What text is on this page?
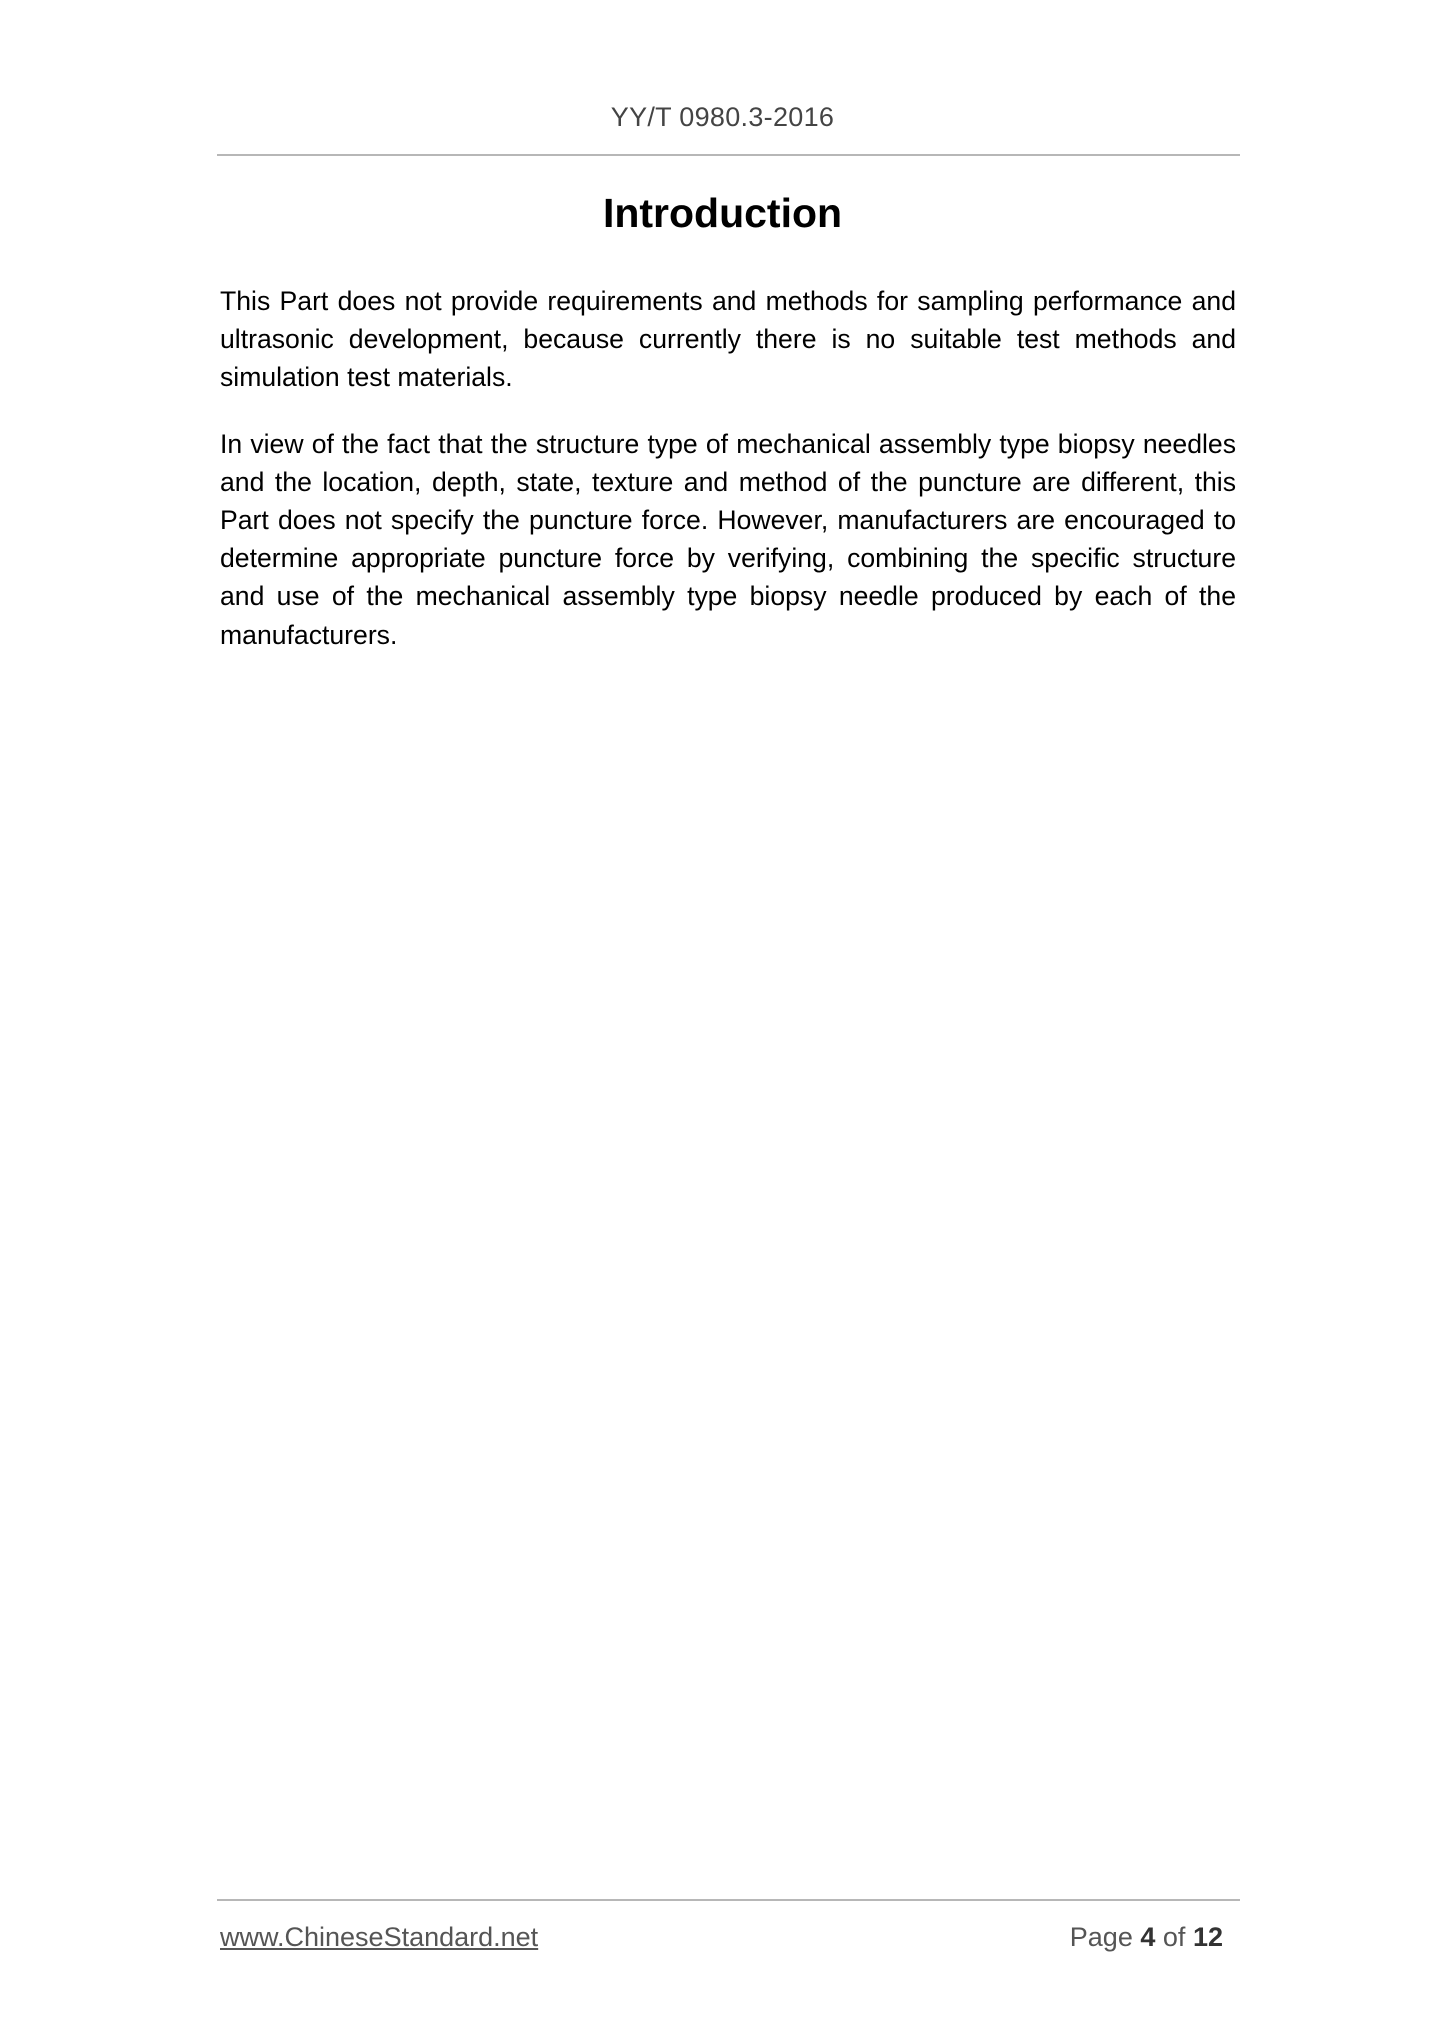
YY/T 0980.3-2016
Introduction

This Part does not provide requirements and methods for sampling performance and ultrasonic development, because currently there is no suitable test methods and simulation test materials.

In view of the fact that the structure type of mechanical assembly type biopsy needles and the location, depth, state, texture and method of the puncture are different, this Part does not specify the puncture force. However, manufacturers are encouraged to determine appropriate puncture force by verifying, combining the specific structure and use of the mechanical assembly type biopsy needle produced by each of the manufacturers.

www.ChineseStandard.net	Page 4 of 12
